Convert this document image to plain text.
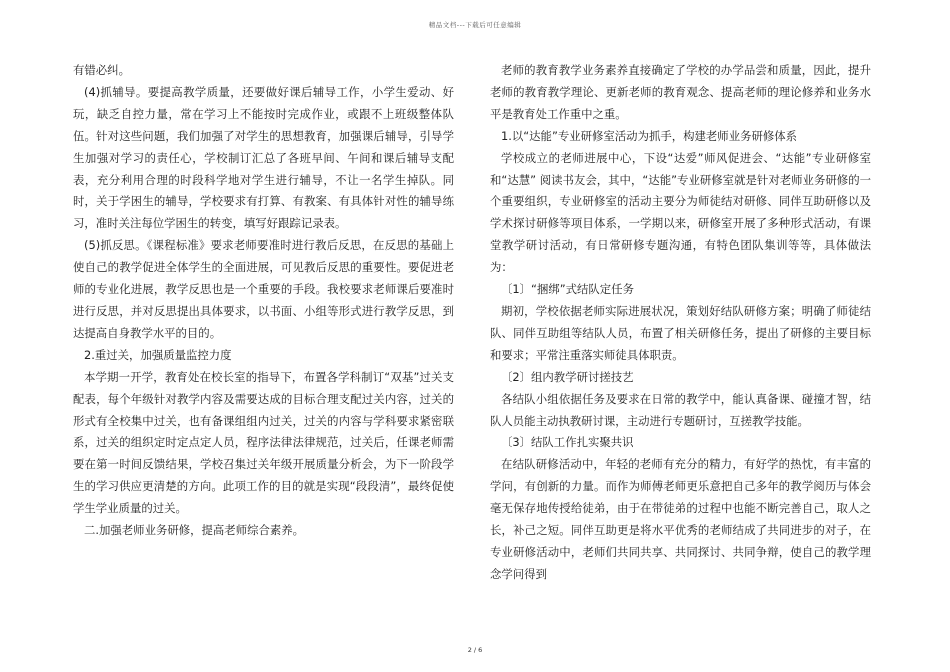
精品文档---下载后可任意编辑

有错必纠。

(4)抓辅导。要提高教学质量，还要做好课后辅导工作，小学生爱动、好玩，缺乏自控力量，常在学习上不能按时完成作业，或跟不上班级整体队伍。针对这些问题，我们加强了对学生的思想教育，加强课后辅导，引导学生加强对学习的责任心，学校制订汇总了各班早间、午间和课后辅导支配表，充分利用合理的时段科学地对学生进行辅导，不让一名学生掉队。同时，关于学困生的辅导，学校要求有打算、有教案、有具体针对性的辅导练习，准时关注每位学困生的转变，填写好跟踪记录表。

(5)抓反思。《课程标准》要求老师要准时进行教后反思，在反思的基础上使自己的教学促进全体学生的全面进展，可见教后反思的重要性。要促进老师的专业化进展，教学反思也是一个重要的手段。我校要求老师课后要准时进行反思，并对反思提出具体要求，以书面、小组等形式进行教学反思，到达提高自身教学水平的目的。

2.重过关，加强质量监控力度

本学期一开学，教育处在校长室的指导下，布置各学科制订“双基”过关支配表，每个年级针对教学内容及需要达成的目标合理支配过关内容，过关的形式有全校集中过关，也有备课组组内过关，过关的内容与学科要求紧密联系，过关的组织定时定点定人员，程序法律法律规范，过关后，任课老师需要在第一时间反馈结果，学校召集过关年级开展质量分析会，为下一阶段学生的学习供应更清楚的方向。此项工作的目的就是实现“段段清”，最终促使学生学业质量的过关。

二.加强老师业务研修，提高老师综合素养。

老师的教育教学业务素养直接确定了学校的办学品尝和质量，因此，提升老师的教育教学理论、更新老师的教育观念、提高老师的理论修养和业务水平是教育处工作重中之重。

1.以“达能”专业研修室活动为抓手，构建老师业务研修体系

学校成立的老师进展中心，下设“达爱”师风促进会、“达能”专业研修室和“达慧” 阅读书友会，其中，“达能”专业研修室就是针对老师业务研修的一个重要组织，专业研修室的活动主要分为师徒结对研修、同伴互助研修以及学术探讨研修等项目体系，一学期以来，研修室开展了多种形式活动，有课堂教学研讨活动，有日常研修专题沟通，有特色团队集训等等，具体做法为：

〔1〕“捆绑”式结队定任务

期初，学校依据老师实际进展状况，策划好结队研修方案；明确了师徒结队、同伴互助组等结队人员，布置了相关研修任务，提出了研修的主要目标和要求；平常注重落实师徒具体职责。

〔2〕组内教学研讨搓技艺

各结队小组依据任务及要求在日常的教学中，能认真备课、碰撞才智，结队人员能主动执教研讨课，主动进行专题研讨，互搓教学技能。

〔3〕结队工作扎实聚共识

在结队研修活动中，年轻的老师有充分的精力，有好学的热忱，有丰富的学问，有创新的力量。而作为师傅老师更乐意把自己多年的教学阅历与体会毫无保存地传授给徒弟，由于在带徒弟的过程中也能不断完善自己，取人之长，补己之短。同伴互助更是将水平优秀的老师结成了共同进步的对子，在专业研修活动中，老师们共同共享、共同探讨、共同争辩，使自己的教学理念学问得到

2 / 6
